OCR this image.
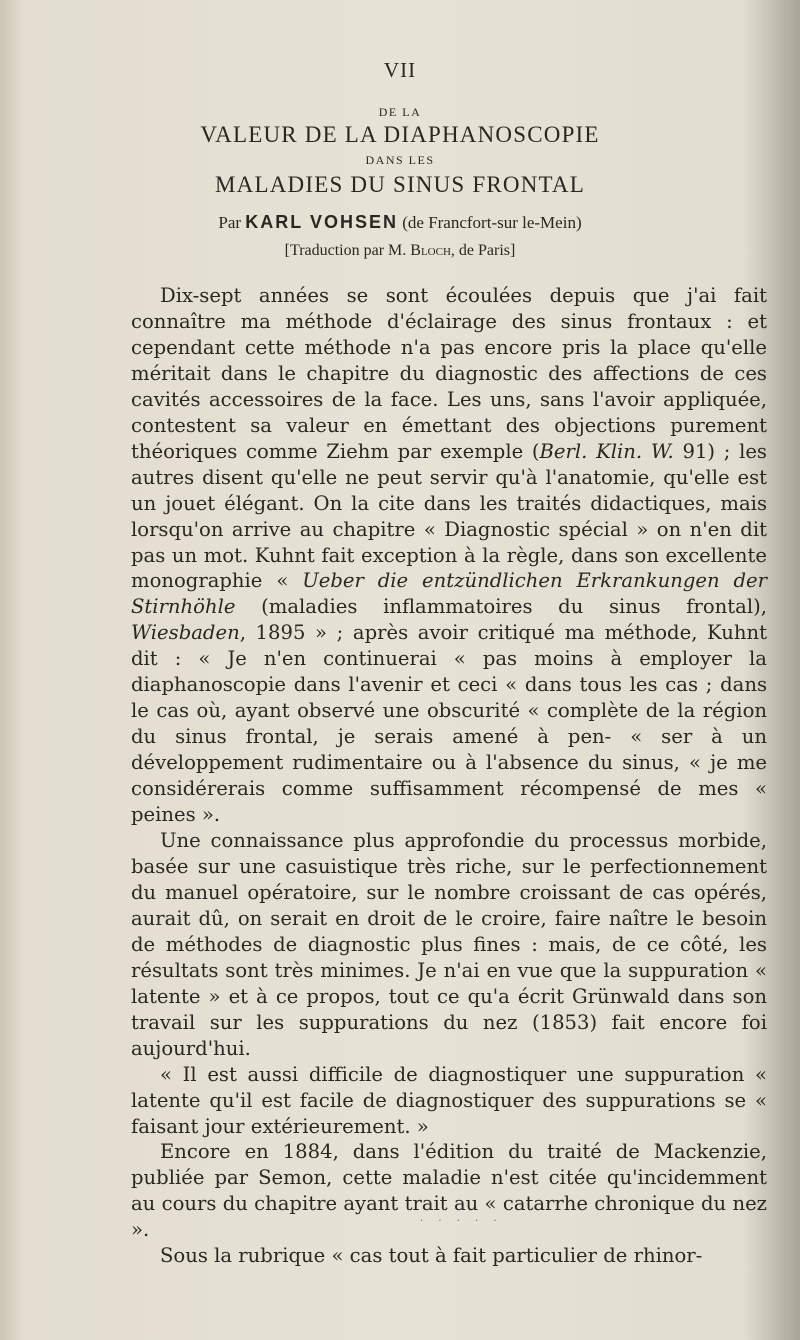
VII
DE LA
VALEUR DE LA DIAPHANOSCOPIE
DANS LES
MALADIES DU SINUS FRONTAL
Par KARL VOHSEN (de Francfort-sur le-Mein)
[Traduction par M. Bloch, de Paris]

Dix-sept années se sont écoulées depuis que j'ai fait connaître ma méthode d'éclairage des sinus frontaux : et cependant cette méthode n'a pas encore pris la place qu'elle méritait dans le chapitre du diagnostic des affections de ces cavités accessoires de la face. Les uns, sans l'avoir appliquée, contestent sa valeur en émettant des objections purement théoriques comme Ziehm par exemple (Berl. Klin. W. 91) ; les autres disent qu'elle ne peut servir qu'à l'anatomie, qu'elle est un jouet élégant. On la cite dans les traités didactiques, mais lorsqu'on arrive au chapitre « Diagnostic spécial » on n'en dit pas un mot. Kuhnt fait exception à la règle, dans son excellente monographie « Ueber die entzündlichen Erkrankungen der Stirnhöhle (maladies inflammatoires du sinus frontal), Wiesbaden, 1895 » ; après avoir critiqué ma méthode, Kuhnt dit : « Je n'en continuerai « pas moins à employer la diaphanoscopie dans l'avenir et ceci « dans tous les cas ; dans le cas où, ayant observé une obscurité « complète de la région du sinus frontal, je serais amené à pen- « ser à un développement rudimentaire ou à l'absence du sinus, « je me considérerais comme suffisamment récompensé de mes « peines ».

Une connaissance plus approfondie du processus morbide, basée sur une casuistique très riche, sur le perfectionnement du manuel opératoire, sur le nombre croissant de cas opérés, aurait dû, on serait en droit de le croire, faire naître le besoin de méthodes de diagnostic plus fines : mais, de ce côté, les résultats sont très minimes. Je n'ai en vue que la suppuration « latente » et à ce propos, tout ce qu'a écrit Grünwald dans son travail sur les suppurations du nez (1853) fait encore foi aujourd'hui.

« Il est aussi difficile de diagnostiquer une suppuration « latente qu'il est facile de diagnostiquer des suppurations se « faisant jour extérieurement. »

Encore en 1884, dans l'édition du traité de Mackenzie, publiée par Semon, cette maladie n'est citée qu'incidemment au cours du chapitre ayant trait au « catarrhe chronique du nez ».

Sous la rubrique « cas tout à fait particulier de rhinor-

· · · · ·
